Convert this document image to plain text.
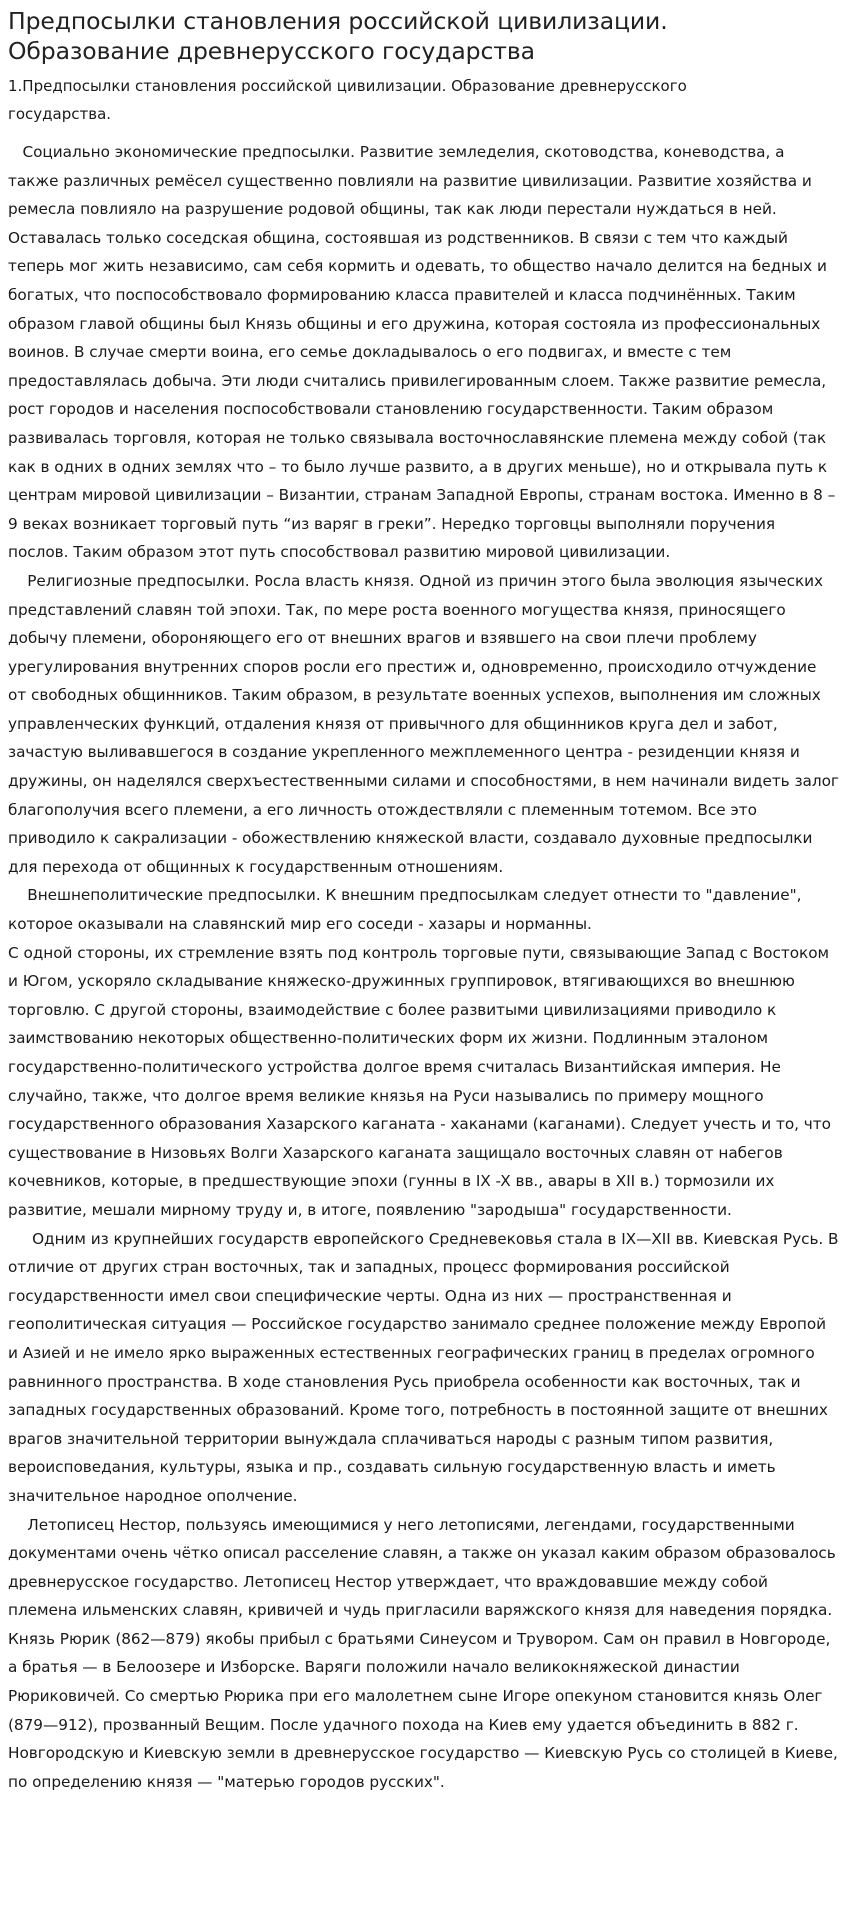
Предпосылки становления российской цивилизации.
Образование древнерусского государства
1.Предпосылки становления российской цивилизации. Образование древнерусского государства.

Социально экономические предпосылки. Развитие земледелия, скотоводства, коневодства, а также различных ремёсел существенно повлияли на развитие цивилизации. Развитие хозяйства и ремесла повлияло на разрушение родовой общины, так как люди перестали нуждаться в ней. Оставалась только соседская община, состоявшая из родственников. В связи с тем что каждый теперь мог жить независимо, сам себя кормить и одевать, то общество начало делится на бедных и богатых, что поспособствовало формированию класса правителей и класса подчинённых. Таким образом главой общины был Князь общины и его дружина, которая состояла из профессиональных воинов. В случае смерти воина, его семье докладывалось о его подвигах, и вместе с тем предоставлялась добыча. Эти люди считались привилегированным слоем. Также развитие ремесла, рост городов и населения поспособствовали становлению государственности. Таким образом развивалась торговля, которая не только связывала восточнославянские племена между собой (так как в одних в одних землях что – то было лучше развито, а в других меньше), но и открывала путь к центрам мировой цивилизации – Византии, странам Западной Европы, странам востока. Именно в 8 – 9 веках возникает торговый путь “из варяг в греки”. Нередко торговцы выполняли поручения послов. Таким образом этот путь способствовал развитию мировой цивилизации.

Религиозные предпосылки. Росла власть князя. Одной из причин этого была эволюция языческих представлений славян той эпохи. Так, по мере роста военного могущества князя, приносящего добычу племени, обороняющего его от внешних врагов и взявшего на свои плечи проблему урегулирования внутренних споров росли его престиж и, одновременно, происходило отчуждение от свободных общинников. Таким образом, в результате военных успехов, выполнения им сложных управленческих функций, отдаления князя от привычного для общинников круга дел и забот, зачастую выливавшегося в создание укрепленного межплеменного центра - резиденции князя и дружины, он наделялся сверхъестественными силами и способностями, в нем начинали видеть залог благополучия всего племени, а его личность отождествляли с племенным тотемом. Все это приводило к сакрализации - обожествлению княжеской власти, создавало духовные предпосылки для перехода от общинных к государственным отношениям.

Внешнеполитические предпосылки. К внешним предпосылкам следует отнести то "давление", которое оказывали на славянский мир его соседи - хазары и норманны.

С одной стороны, их стремление взять под контроль торговые пути, связывающие Запад с Востоком и Югом, ускоряло складывание княжеско-дружинных группировок, втягивающихся во внешнюю торговлю. С другой стороны, взаимодействие с более развитыми цивилизациями приводило к заимствованию некоторых общественно-политических форм их жизни. Подлинным эталоном государственно-политического устройства долгое время считалась Византийская империя. Не случайно, также, что долгое время великие князья на Руси назывались по примеру мощного государственного образования Хазарского каганата - хаканами (каганами). Следует учесть и то, что существование в Низовьях Волги Хазарского каганата защищало восточных славян от набегов кочевников, которые, в предшествующие эпохи (гунны в IX -X вв., авары в XII в.) тормозили их развитие, мешали мирному труду и, в итоге, появлению "зародыша" государственности.

Одним из крупнейших государств европейского Средневековья стала в IX—XII вв. Киевская Русь. В отличие от других стран восточных, так и западных, процесс формирования российской государственности имел свои специфические черты. Одна из них — пространственная и геополитическая ситуация — Российское государство занимало среднее положение между Европой и Азией и не имело ярко выраженных естественных географических границ в пределах огромного равнинного пространства. В ходе становления Русь приобрела особенности как восточных, так и западных государственных образований. Кроме того, потребность в постоянной защите от внешних врагов значительной территории вынуждала сплачиваться народы с разным типом развития, вероисповедания, культуры, языка и пр., создавать сильную государственную власть и иметь значительное народное ополчение.

Летописец Нестор, пользуясь имеющимися у него летописями, легендами, государственными документами очень чётко описал расселение славян, а также он указал каким образом образовалось древнерусское государство. Летописец Нестор утверждает, что враждовавшие между собой племена ильменских славян, кривичей и чудь пригласили варяжского князя для наведения порядка. Князь Рюрик (862—879) якобы прибыл с братьями Синеусом и Трувором. Сам он правил в Новгороде, а братья — в Белоозере и Изборске. Варяги положили начало великокняжеской династии Рюриковичей. Со смертью Рюрика при его малолетнем сыне Игоре опекуном становится князь Олег (879—912), прозванный Вещим. После удачного похода на Киев ему удается объединить в 882 г. Новгородскую и Киевскую земли в древнерусское государство — Киевскую Русь со столицей в Киеве, по определению князя — "матерью городов русских".
